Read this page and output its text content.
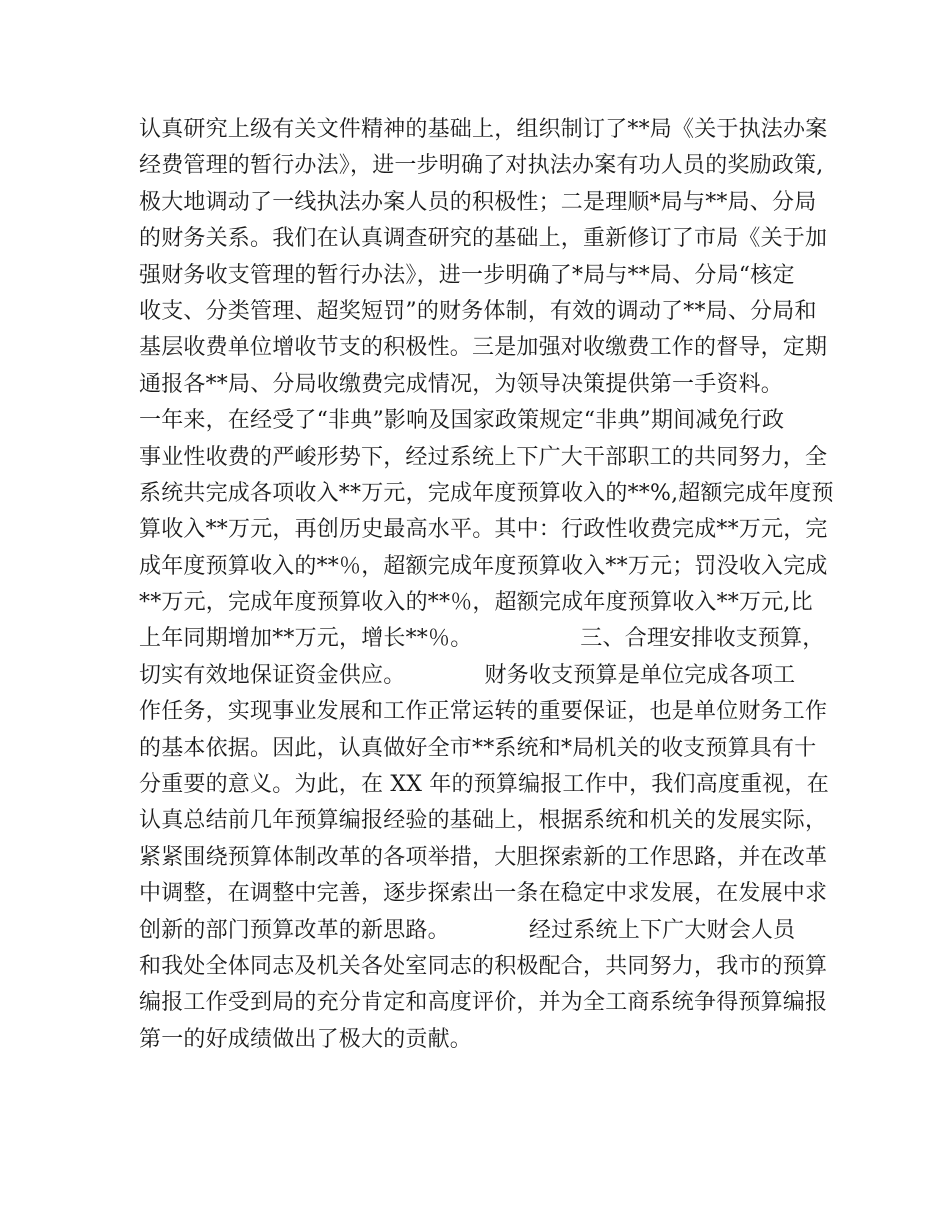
认真研究上级有关文件精神的基础上，组织制订了**局《关于执法办案
经费管理的暂行办法》，进一步明确了对执法办案有功人员的奖励政策,
极大地调动了一线执法办案人员的积极性；二是理顺*局与**局、分局
的财务关系。我们在认真调查研究的基础上，重新修订了市局《关于加
强财务收支管理的暂行办法》，进一步明确了*局与**局、分局“核定
收支、分类管理、超奖短罚”的财务体制，有效的调动了**局、分局和
基层收费单位增收节支的积极性。三是加强对收缴费工作的督导，定期
通报各**局、分局收缴费完成情况，为领导决策提供第一手资料。
一年来，在经受了“非典”影响及国家政策规定“非典”期间减免行政
事业性收费的严峻形势下，经过系统上下广大干部职工的共同努力，全
系统共完成各项收入**万元，完成年度预算收入的**%,超额完成年度预
算收入**万元，再创历史最高水平。其中：行政性收费完成**万元，完
成年度预算收入的**％，超额完成年度预算收入**万元；罚没收入完成
**万元，完成年度预算收入的**％，超额完成年度预算收入**万元,比
上年同期增加**万元，增长**％。               三、合理安排收支预算，
切实有效地保证资金供应。           财务收支预算是单位完成各项工
作任务，实现事业发展和工作正常运转的重要保证，也是单位财务工作
的基本依据。因此，认真做好全市**系统和*局机关的收支预算具有十
分重要的意义。为此，在 XX 年的预算编报工作中，我们高度重视，在
认真总结前几年预算编报经验的基础上，根据系统和机关的发展实际，
紧紧围绕预算体制改革的各项举措，大胆探索新的工作思路，并在改革
中调整，在调整中完善，逐步探索出一条在稳定中求发展，在发展中求
创新的部门预算改革的新思路。           经过系统上下广大财会人员
和我处全体同志及机关各处室同志的积极配合，共同努力，我市的预算
编报工作受到局的充分肯定和高度评价，并为全工商系统争得预算编报
第一的好成绩做出了极大的贡献。
